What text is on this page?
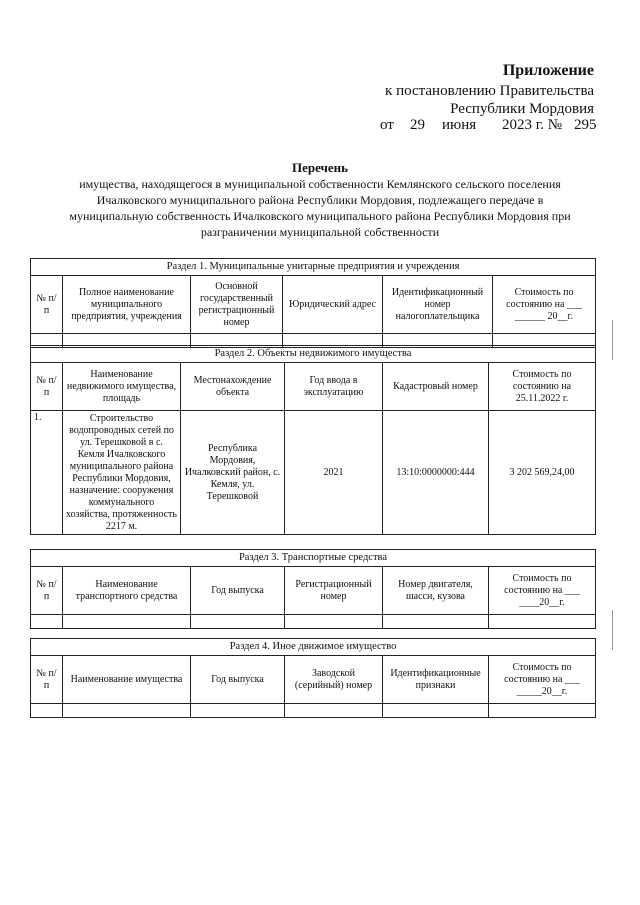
Приложение
к постановлению Правительства
Республики Мордовия
от 29 июня 2023 г. № 295
Перечень
имущества, находящегося в муниципальной собственности Кемлянского сельского поселения
Ичалковского муниципального района Республики Мордовия, подлежащего передаче в
муниципальную собственность Ичалковского муниципального района Республики Мордовия при
разграничении муниципальной собственности
Раздел 1. Муниципальные унитарные предприятия и учреждения					
№ п/п	Полное наименование муниципального предприятия, учреждения	Основной государственный регистрационный номер	Юридический адрес	Идентификационный номер налогоплательщика	Стоимость по состоянию на ___ ______ 20__г.

Раздел 2. Объекты недвижимого имущества					
№ п/п	Наименование недвижимого имущества, площадь	Местонахождение объекта	Год ввода в эксплуатацию	Кадастровый номер	Стоимость по состоянию на 25.11.2022 г.
1.	Строительство водопроводных сетей по ул. Терешковой в с. Кемля Ичалковского муниципального района Республики Мордовия, назначение: сооружения коммунального хозяйства, протяженность 2217 м.	Республика Мордовия, Ичалковский район, с. Кемля, ул. Терешковой	2021	13:10:0000000:444	3 202 569,24,00
Раздел 3. Транспортные средства					
№ п/п	Наименование транспортного средства	Год выпуска	Регистрационный номер	Номер двигателя, шасси, кузова	Стоимость по состоянию на ___ ____20__г.

Раздел 4. Иное движимое имущество					
№ п/п	Наименование имущества	Год выпуска	Заводской (серийный) номер	Идентификационные признаки	Стоимость по состоянию на ___ _____20__г.
